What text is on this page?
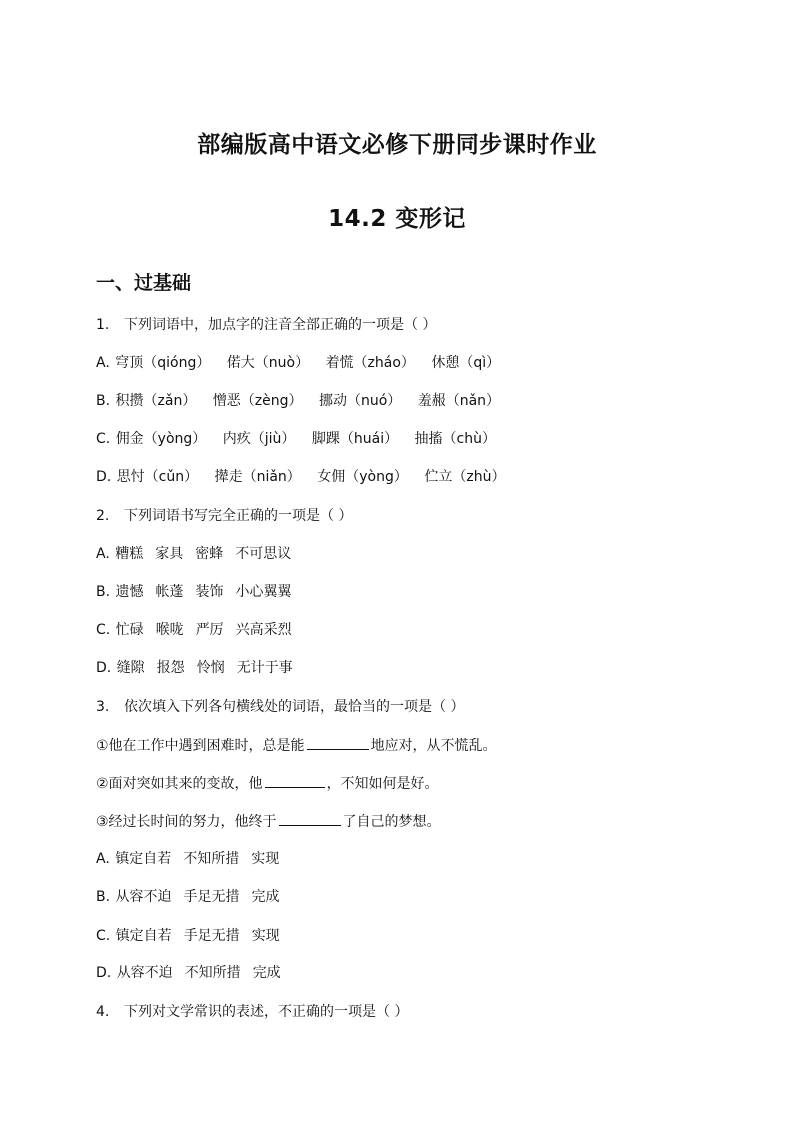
部编版高中语文必修下册同步课时作业
14.2 变形记
一、过基础
1. 下列词语中，加点字的注音全部正确的一项是（ ）
A. 穹顶（qióng） 偌大（nuò） 着慌（zháo） 休憩（qì）
B. 积攒（zǎn） 憎恶（zèng） 挪动（nuó） 羞赧（nǎn）
C. 佣金（yòng） 内疚（jiù） 脚踝（huái） 抽搐（chù）
D. 思忖（cǔn） 撵走（niǎn） 女佣（yòng） 伫立（zhù）
2. 下列词语书写完全正确的一项是（ ）
A. 糟糕 家具 密蜂 不可思议
B. 遗憾 帐蓬 装饰 小心翼翼
C. 忙碌 喉咙 严厉 兴高采烈
D. 缝隙 报怨 怜悯 无计于事
3. 依次填入下列各句横线处的词语，最恰当的一项是（ ）
①他在工作中遇到困难时，总是能	地应对，从不慌乱。
②面对突如其来的变故，他	，不知如何是好。
③经过长时间的努力，他终于	了自己的梦想。
A. 镇定自若 不知所措 实现
B. 从容不迫 手足无措 完成
C. 镇定自若 手足无措 实现
D. 从容不迫 不知所措 完成
4. 下列对文学常识的表述，不正确的一项是（ ）
